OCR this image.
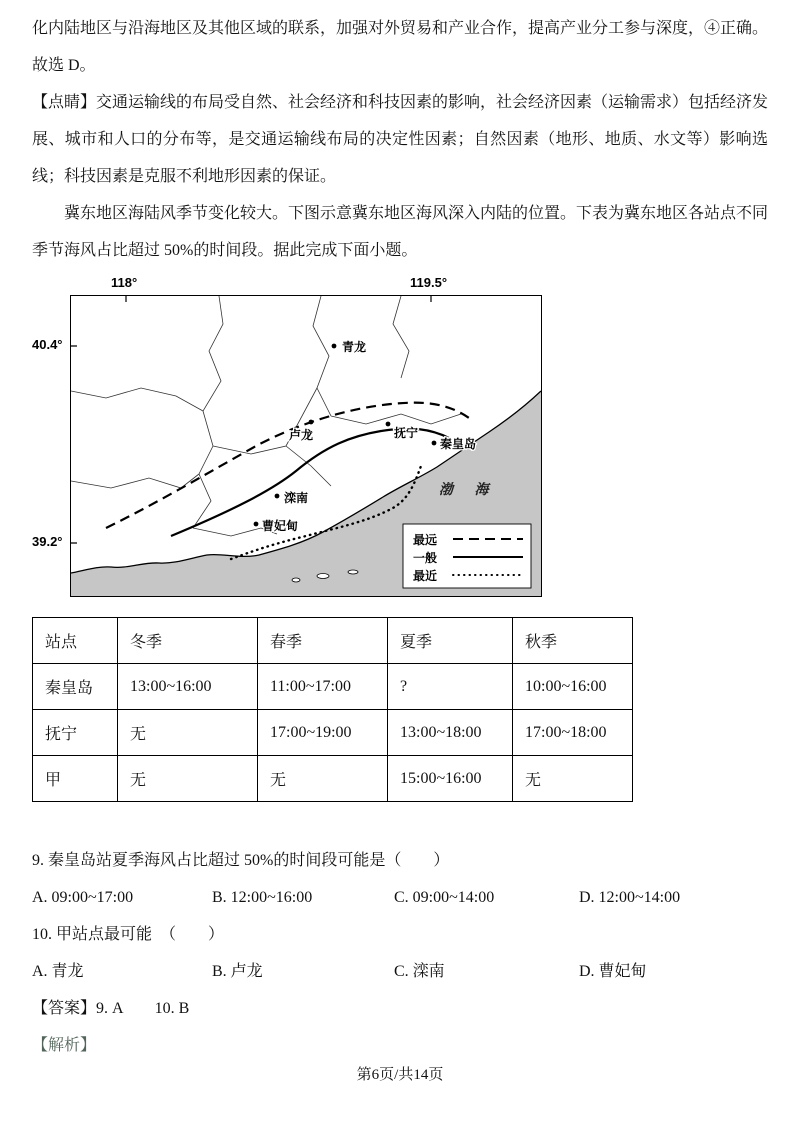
化内陆地区与沿海地区及其他区域的联系，加强对外贸易和产业合作，提高产业分工参与深度，④正确。故选 D。

【点睛】交通运输线的布局受自然、社会经济和科技因素的影响，社会经济因素（运输需求）包括经济发展、城市和人口的分布等，是交通运输线布局的决定性因素；自然因素（地形、地质、水文等）影响选线；科技因素是克服不利地形因素的保证。

冀东地区海陆风季节变化较大。下图示意冀东地区海风深入内陆的位置。下表为冀东地区各站点不同季节海风占比超过 50%的时间段。据此完成下面小题。

118°	119.5°
40.4°
39.2°
青龙
卢龙	抚宁
秦皇岛
滦南
曹妃甸
渤 海
最远
一般
最近
站点	冬季	春季	夏季	秋季
秦皇岛	13:00~16:00	11:00~17:00	?	10:00~16:00
抚宁	无	17:00~19:00	13:00~18:00	17:00~18:00
甲	无	无	15:00~16:00	无

9. 秦皇岛站夏季海风占比超过 50%的时间段可能是（　　）

A. 09:00~17:00	B. 12:00~16:00	C. 09:00~14:00	D. 12:00~14:00

10. 甲站点最可能　（　　）

A. 青龙	B. 卢龙	C. 滦南	D. 曹妃甸

【答案】9. A　　10. B

【解析】

第6页/共14页
